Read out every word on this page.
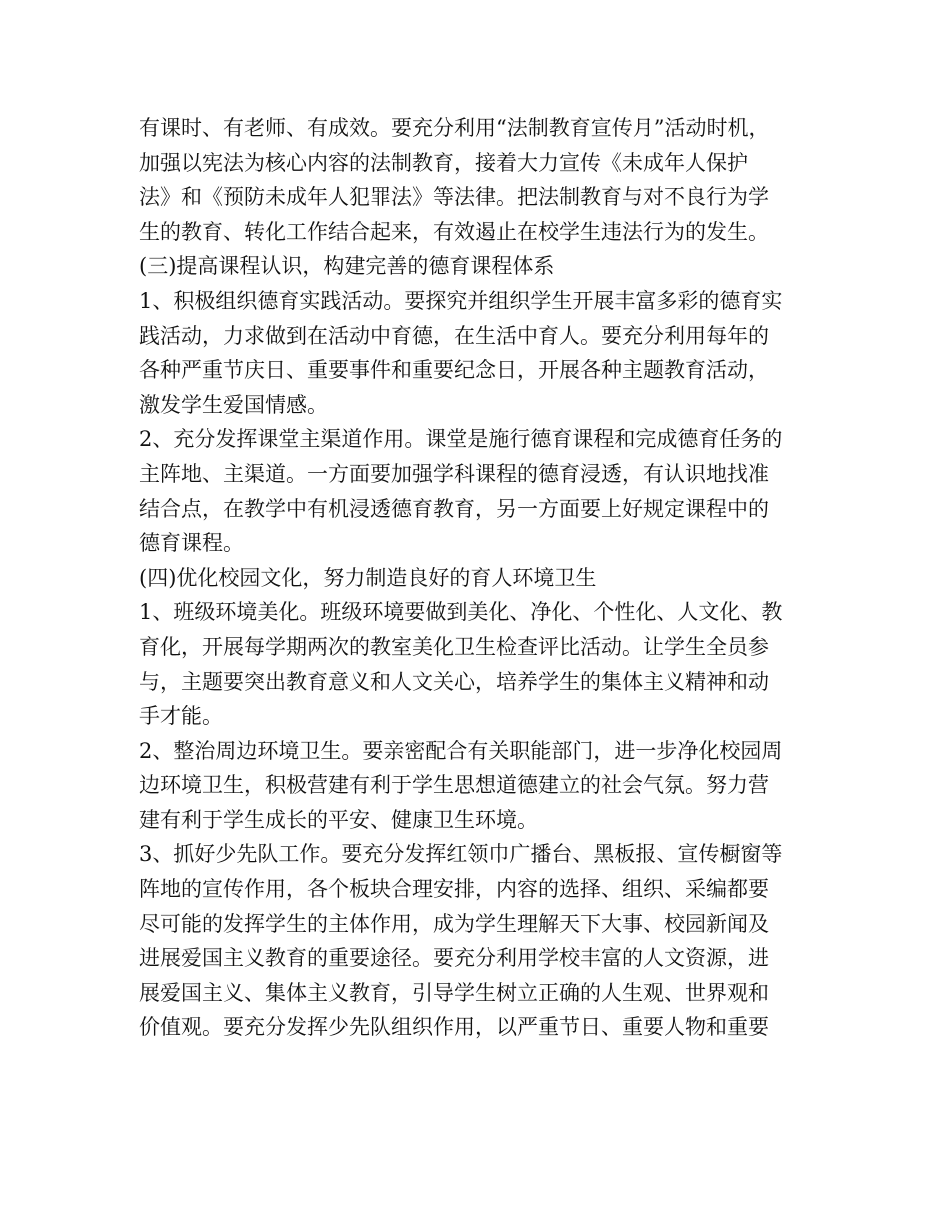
有课时、有老师、有成效。要充分利用“法制教育宣传月”活动时机，
加强以宪法为核心内容的法制教育，接着大力宣传《未成年人保护
法》和《预防未成年人犯罪法》等法律。把法制教育与对不良行为学
生的教育、转化工作结合起来，有效遏止在校学生违法行为的发生。
(三)提高课程认识，构建完善的德育课程体系
1、积极组织德育实践活动。要探究并组织学生开展丰富多彩的德育实
践活动，力求做到在活动中育德，在生活中育人。要充分利用每年的
各种严重节庆日、重要事件和重要纪念日，开展各种主题教育活动，
激发学生爱国情感。
2、充分发挥课堂主渠道作用。课堂是施行德育课程和完成德育任务的
主阵地、主渠道。一方面要加强学科课程的德育浸透，有认识地找准
结合点，在教学中有机浸透德育教育，另一方面要上好规定课程中的
德育课程。
(四)优化校园文化，努力制造良好的育人环境卫生
1、班级环境美化。班级环境要做到美化、净化、个性化、人文化、教
育化，开展每学期两次的教室美化卫生检查评比活动。让学生全员参
与，主题要突出教育意义和人文关心，培养学生的集体主义精神和动
手才能。
2、整治周边环境卫生。要亲密配合有关职能部门，进一步净化校园周
边环境卫生，积极营建有利于学生思想道德建立的社会气氛。努力营
建有利于学生成长的平安、健康卫生环境。
3、抓好少先队工作。要充分发挥红领巾广播台、黑板报、宣传橱窗等
阵地的宣传作用，各个板块合理安排，内容的选择、组织、采编都要
尽可能的发挥学生的主体作用，成为学生理解天下大事、校园新闻及
进展爱国主义教育的重要途径。要充分利用学校丰富的人文资源，进
展爱国主义、集体主义教育，引导学生树立正确的人生观、世界观和
价值观。要充分发挥少先队组织作用，以严重节日、重要人物和重要
